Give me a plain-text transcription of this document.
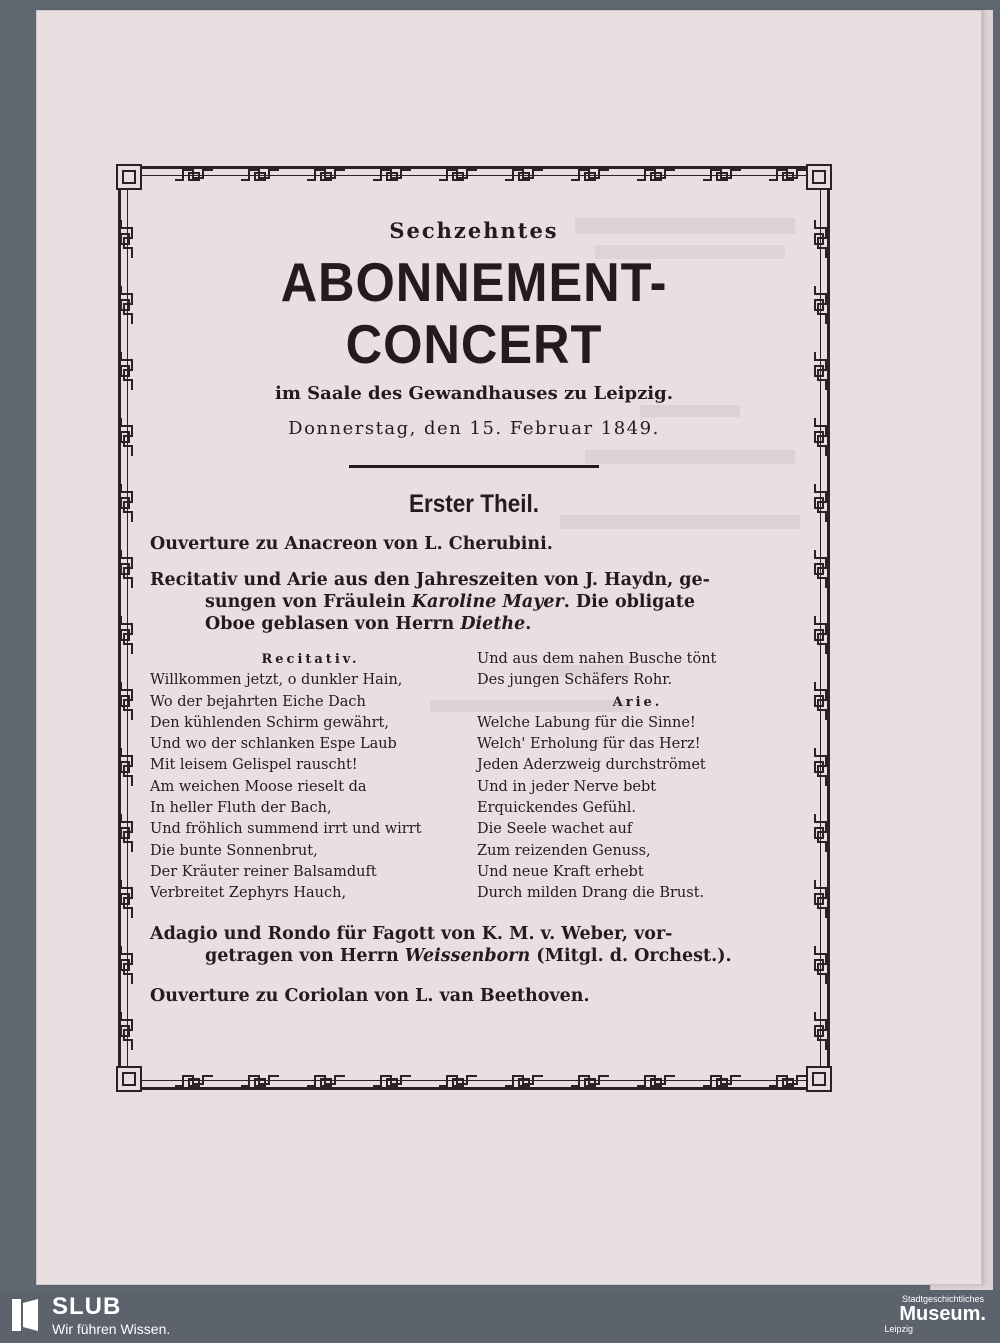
Sechzehntes
ABONNEMENT-CONCERT
im Saale des Gewandhauses zu Leipzig.
Donnerstag, den 15. Februar 1849.
Erster Theil.
Ouverture zu Anacreon von L. Cherubini.
Recitativ und Arie aus den Jahreszeiten von J. Haydn, ge-
sungen von Fräulein Karoline Mayer. Die obligate
Oboe geblasen von Herrn Diethe.
Recitativ.
Willkommen jetzt, o dunkler Hain,
Wo der bejahrten Eiche Dach
Den kühlenden Schirm gewährt,
Und wo der schlanken Espe Laub
Mit leisem Gelispel rauscht!
Am weichen Moose rieselt da
In heller Fluth der Bach,
Und fröhlich summend irrt und wirrt
Die bunte Sonnenbrut,
Der Kräuter reiner Balsamduft
Verbreitet Zephyrs Hauch,
Und aus dem nahen Busche tönt
Des jungen Schäfers Rohr.
Arie.
Welche Labung für die Sinne!
Welch' Erholung für das Herz!
Jeden Aderzweig durchströmet
Und in jeder Nerve bebt
Erquickendes Gefühl.
Die Seele wachet auf
Zum reizenden Genuss,
Und neue Kraft erhebt
Durch milden Drang die Brust.
Adagio und Rondo für Fagott von K. M. v. Weber, vor-
getragen von Herrn Weissenborn (Mitgl. d. Orchest.).
Ouverture zu Coriolan von L. van Beethoven.
SLUB
Wir führen Wissen.
Stadtgeschichtliches
Museum.
Leipzig
